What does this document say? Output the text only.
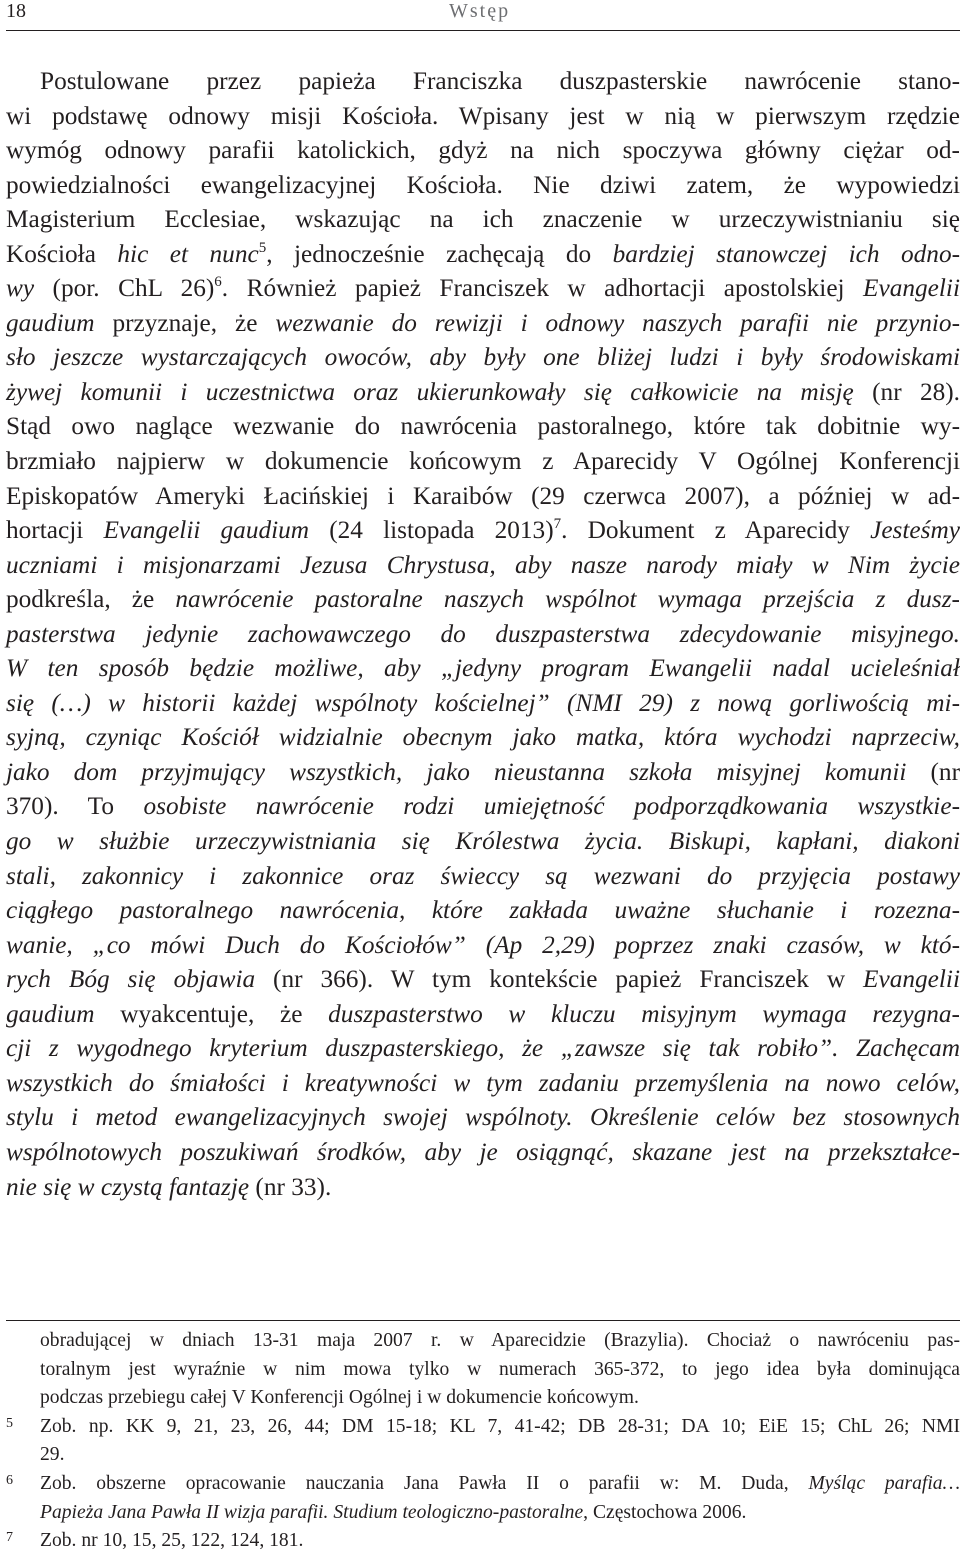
18	Wstęp
Postulowane przez papieża Franciszka duszpasterskie nawrócenie stano-
wi podstawę odnowy misji Kościoła. Wpisany jest w nią w pierwszym rzędzie
wymóg odnowy parafii katolickich, gdyż na nich spoczywa główny ciężar od-
powiedzialności ewangelizacyjnej Kościoła. Nie dziwi zatem, że wypowiedzi
Magisterium Ecclesiae, wskazując na ich znaczenie w urzeczywistnianiu się
Kościoła hic et nunc$^5$, jednocześnie zachęcają do bardziej stanowczej ich odno-
wy (por. ChL 26)$^6$. Również papież Franciszek w adhortacji apostolskiej Evangelii
gaudium przyznaje, że wezwanie do rewizji i odnowy naszych parafii nie przynio-
sło jeszcze wystarczających owoców, aby były one bliżej ludzi i były środowiskami
żywej komunii i uczestnictwa oraz ukierunkowały się całkowicie na misję (nr 28).
Stąd owo naglące wezwanie do nawrócenia pastoralnego, które tak dobitnie wy-
brzmiało najpierw w dokumencie końcowym z Aparecidy V Ogólnej Konferencji
Episkopatów Ameryki Łacińskiej i Karaibów (29 czerwca 2007), a później w ad-
hortacji Evangelii gaudium (24 listopada 2013)$^7$. Dokument z Aparecidy Jesteśmy
uczniami i misjonarzami Jezusa Chrystusa, aby nasze narody miały w Nim życie
podkreśla, że nawrócenie pastoralne naszych wspólnot wymaga przejścia z dusz-
pasterstwa jedynie zachowawczego do duszpasterstwa zdecydowanie misyjnego.
W ten sposób będzie możliwe, aby „jedyny program Ewangelii nadal ucieleśniał
się (…) w historii każdej wspólnoty kościelnej” (NMI 29) z nową gorliwością mi-
syjną, czyniąc Kościół widzialnie obecnym jako matka, która wychodzi naprzeciw,
jako dom przyjmujący wszystkich, jako nieustanna szkoła misyjnej komunii (nr
370). To osobiste nawrócenie rodzi umiejętność podporządkowania wszystkie-
go w służbie urzeczywistniania się Królestwa życia. Biskupi, kapłani, diakoni
stali, zakonnicy i zakonnice oraz świeccy są wezwani do przyjęcia postawy
ciągłego pastoralnego nawrócenia, które zakłada uważne słuchanie i rozezna-
wanie, „co mówi Duch do Kościołów” (Ap 2,29) poprzez znaki czasów, w któ-
rych Bóg się objawia (nr 366). W tym kontekście papież Franciszek w Evangelii
gaudium wyakcentuje, że duszpasterstwo w kluczu misyjnym wymaga rezygna-
cji z wygodnego kryterium duszpasterskiego, że „zawsze się tak robiło”. Zachęcam
wszystkich do śmiałości i kreatywności w tym zadaniu przemyślenia na nowo celów,
stylu i metod ewangelizacyjnych swojej wspólnoty. Określenie celów bez stosownych
wspólnotowych poszukiwań środków, aby je osiągnąć, skazane jest na przekształce-
nie się w czystą fantazję (nr 33).
obradującej w dniach 13-31 maja 2007 r. w Aparecidzie (Brazylia). Chociaż o nawróceniu pas-
toralnym jest wyraźnie w nim mowa tylko w numerach 365-372, to jego idea była dominująca
podczas przebiegu całej V Konferencji Ogólnej i w dokumencie końcowym.
5 Zob. np. KK 9, 21, 23, 26, 44; DM 15-18; KL 7, 41-42; DB 28-31; DA 10; EiE 15; ChL 26; NMI
29.
6 Zob. obszerne opracowanie nauczania Jana Pawła II o parafii w: M. Duda, Myśląc parafia…
Papieża Jana Pawła II wizja parafii. Studium teologiczno-pastoralne, Częstochowa 2006.
7 Zob. nr 10, 15, 25, 122, 124, 181.
